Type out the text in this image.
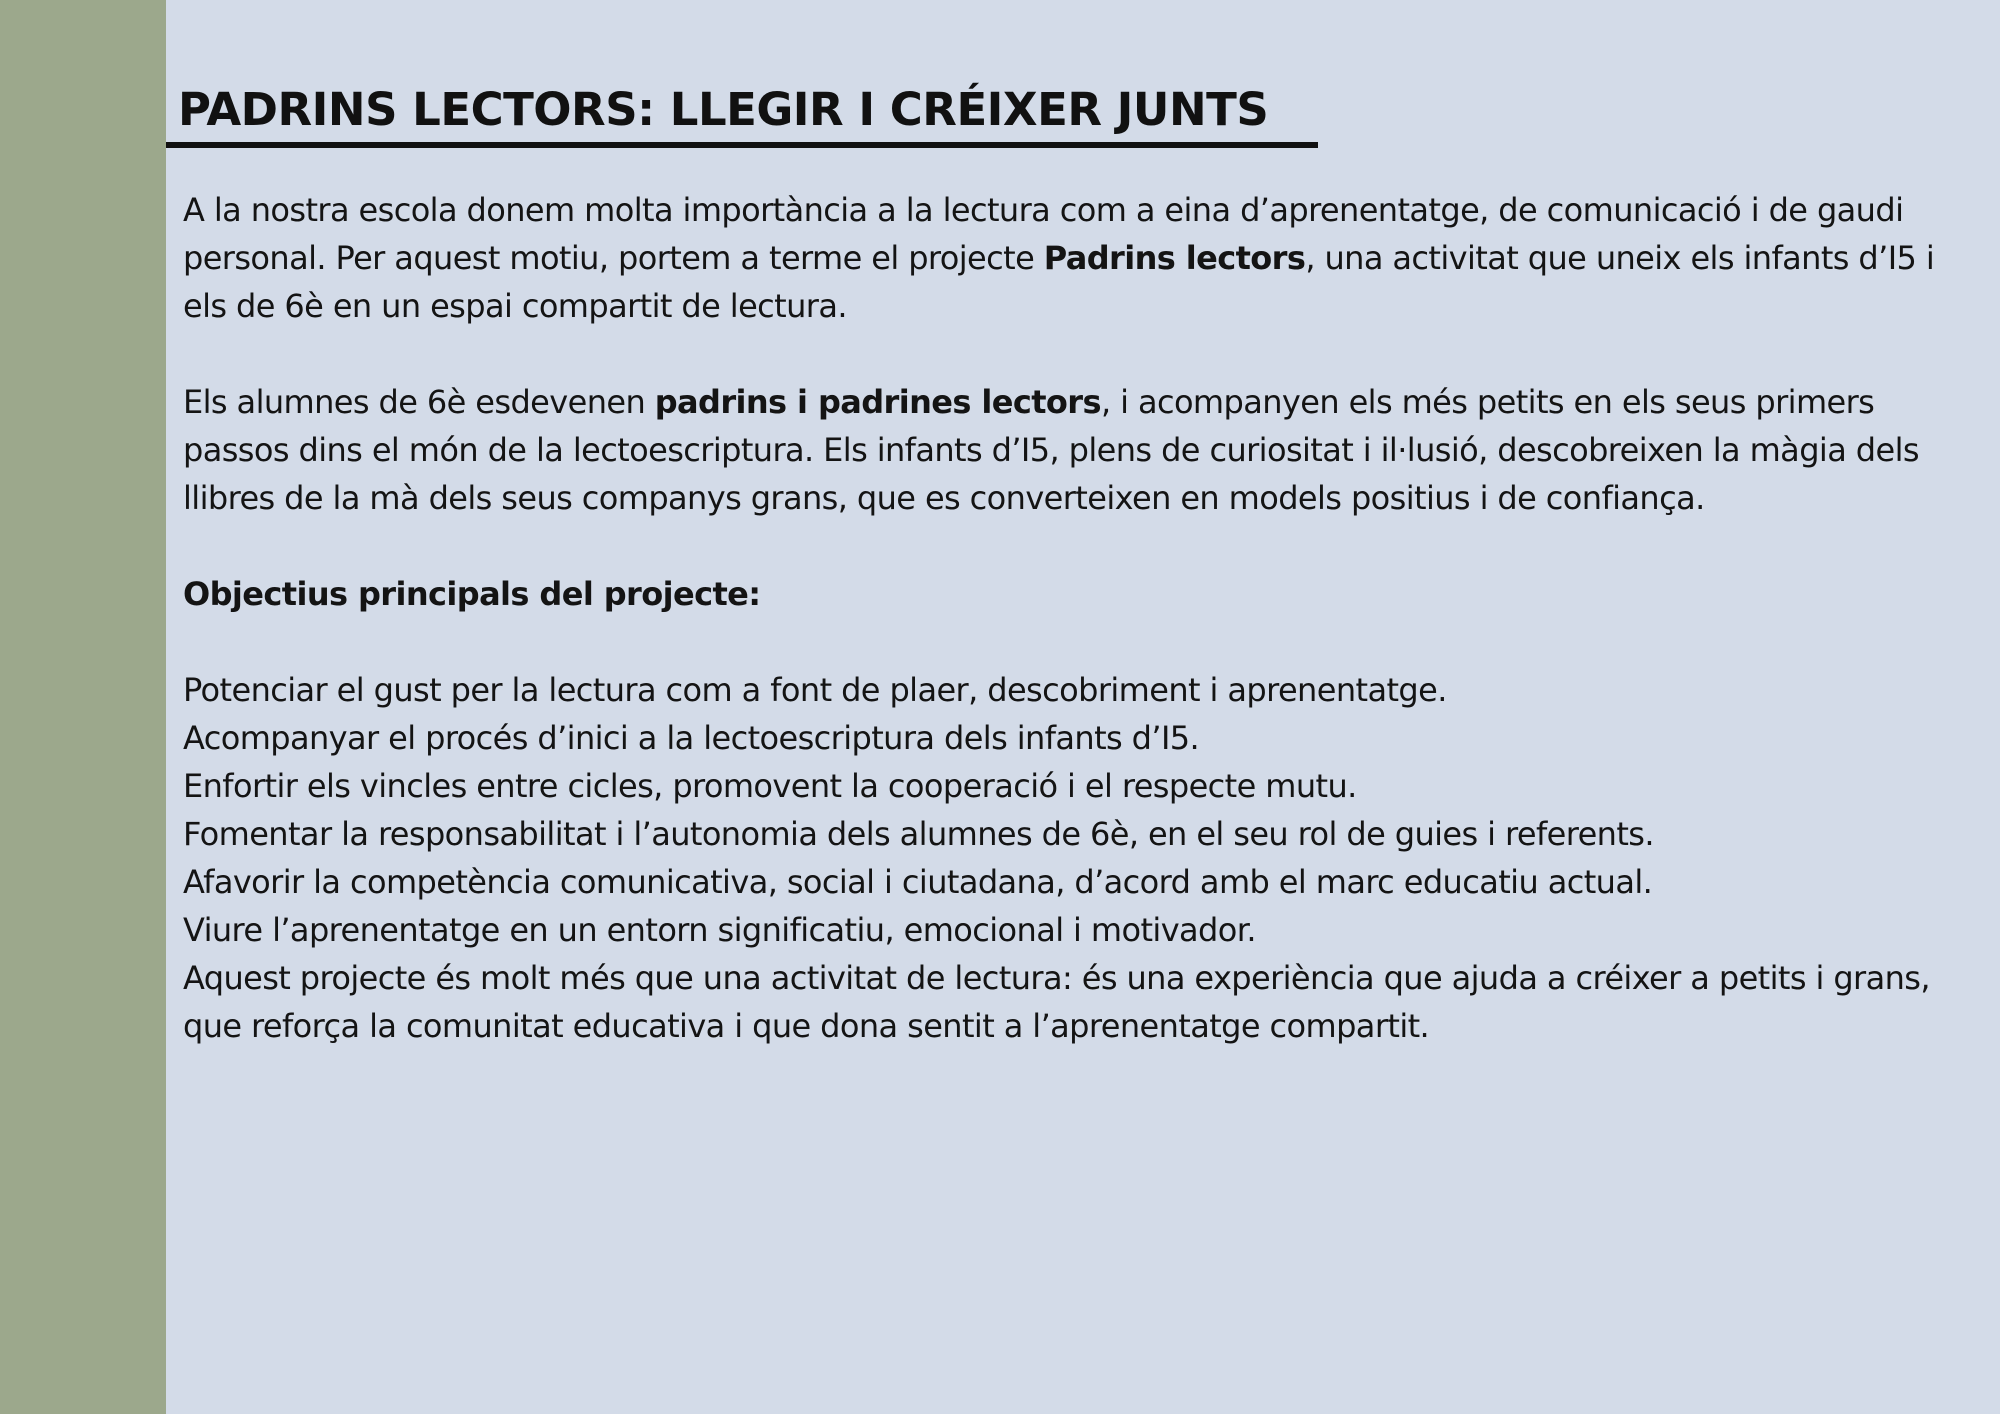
PADRINS LECTORS: LLEGIR I CRÉIXER JUNTS

A la nostra escola donem molta importància a la lectura com a eina d’aprenentatge, de comunicació i de gaudi personal. Per aquest motiu, portem a terme el projecte Padrins lectors, una activitat que uneix els infants d’I5 i els de 6è en un espai compartit de lectura.

Els alumnes de 6è esdevenen padrins i padrines lectors, i acompanyen els més petits en els seus primers passos dins el món de la lectoescriptura. Els infants d’I5, plens de curiositat i il·lusió, descobreixen la màgia dels llibres de la mà dels seus companys grans, que es converteixen en models positius i de confiança.

Objectius principals del projecte:

Potenciar el gust per la lectura com a font de plaer, descobriment i aprenentatge.

Acompanyar el procés d’inici a la lectoescriptura dels infants d’I5.

Enfortir els vincles entre cicles, promovent la cooperació i el respecte mutu.

Fomentar la responsabilitat i l’autonomia dels alumnes de 6è, en el seu rol de guies i referents.

Afavorir la competència comunicativa, social i ciutadana, d’acord amb el marc educatiu actual.

Viure l’aprenentatge en un entorn significatiu, emocional i motivador.

Aquest projecte és molt més que una activitat de lectura: és una experiència que ajuda a créixer a petits i grans, que reforça la comunitat educativa i que dona sentit a l’aprenentatge compartit.
